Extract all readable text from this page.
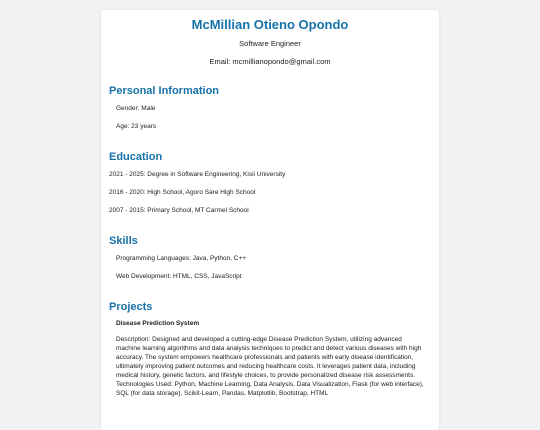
McMillian Otieno Opondo
Software Engineer
Email: mcmillianopondo@gmail.com
Personal Information
Gender: Male
Age: 23 years
Education
2021 - 2025: Degree in Software Engineering, Kisii University
2016 - 2020: High School, Agoro Sare High School
2007 - 2015: Primary School, MT Carmel School
Skills
Programming Languages: Java, Python, C++
Web Development: HTML, CSS, JavaScript
Projects
Disease Prediction System
Description: Designed and developed a cutting-edge Disease Prediction System, utilizing advanced machine learning algorithms and data analysis techniques to predict and detect various diseases with high accuracy. The system empowers healthcare professionals and patients with early disease identification, ultimately improving patient outcomes and reducing healthcare costs. It leverages patient data, including medical history, genetic factors, and lifestyle choices, to provide personalized disease risk assessments. Technologies Used: Python, Machine Learning, Data Analysis, Data Visualization, Flask (for web interface), SQL (for data storage), Scikit-Learn, Pandas, Matplotlib, Bootstrap, HTML
